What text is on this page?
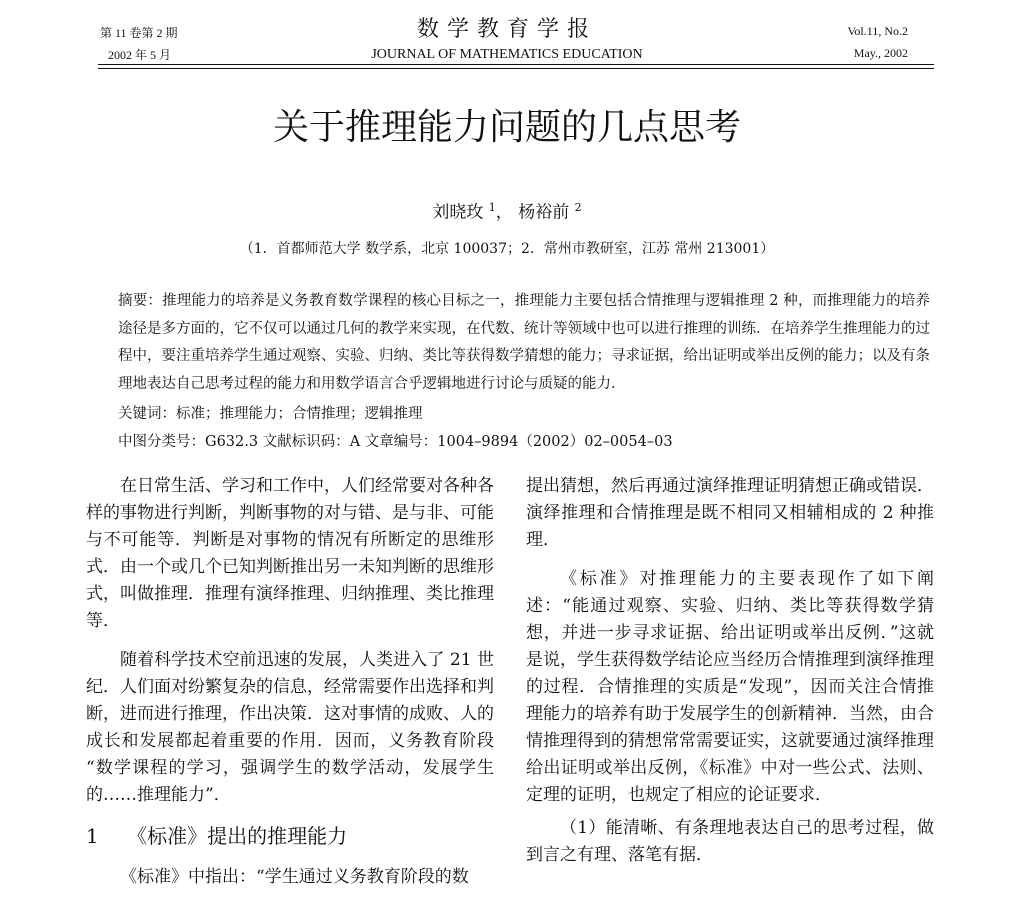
第 11 卷第 2 期
2002 年 5 月
数学教育学报
JOURNAL OF MATHEMATICS EDUCATION
Vol.11, No.2
May., 2002
关于推理能力问题的几点思考
刘晓玫 $^1$， 杨裕前 $^2$
（1．首都师范大学 数学系，北京 100037；2．常州市教研室，江苏 常州 213001）
摘要：推理能力的培养是义务教育数学课程的核心目标之一，推理能力主要包括合情推理与逻辑推理 2 种，而推理能力的培养途径是多方面的，它不仅可以通过几何的教学来实现，在代数、统计等领域中也可以进行推理的训练．在培养学生推理能力的过程中，要注重培养学生通过观察、实验、归纳、类比等获得数学猜想的能力；寻求证据，给出证明或举出反例的能力；以及有条理地表达自己思考过程的能力和用数学语言合乎逻辑地进行讨论与质疑的能力．
关键词：标准；推理能力；合情推理；逻辑推理
中图分类号：G632.3 文献标识码：A 文章编号：1004–9894（2002）02–0054–03

在日常生活、学习和工作中，人们经常要对各种各样的事物进行判断，判断事物的对与错、是与非、可能与不可能等．判断是对事物的情况有所断定的思维形式．由一个或几个已知判断推出另一未知判断的思维形式，叫做推理．推理有演绎推理、归纳推理、类比推理等．

随着科学技术空前迅速的发展，人类进入了 21 世纪．人们面对纷繁复杂的信息，经常需要作出选择和判断，进而进行推理，作出决策．这对事情的成败、人的成长和发展都起着重要的作用．因而，义务教育阶段 “数学课程的学习，强调学生的数学活动，发展学生的……推理能力”．

1 《标准》提出的推理能力
《标准》中指出：“学生通过义务教育阶段的数

提出猜想，然后再通过演绎推理证明猜想正确或错误．演绎推理和合情推理是既不相同又相辅相成的 2 种推理．

《标准》对推理能力的主要表现作了如下阐述：“能通过观察、实验、归纳、类比等获得数学猜想，并进一步寻求证据、给出证明或举出反例．”这就是说，学生获得数学结论应当经历合情推理到演绎推理的过程．合情推理的实质是“发现”，因而关注合情推理能力的培养有助于发展学生的创新精神．当然，由合情推理得到的猜想常常需要证实，这就要通过演绎推理给出证明或举出反例，《标准》中对一些公式、法则、定理的证明，也规定了相应的论证要求．

（1）能清晰、有条理地表达自己的思考过程，做到言之有理、落笔有据．
